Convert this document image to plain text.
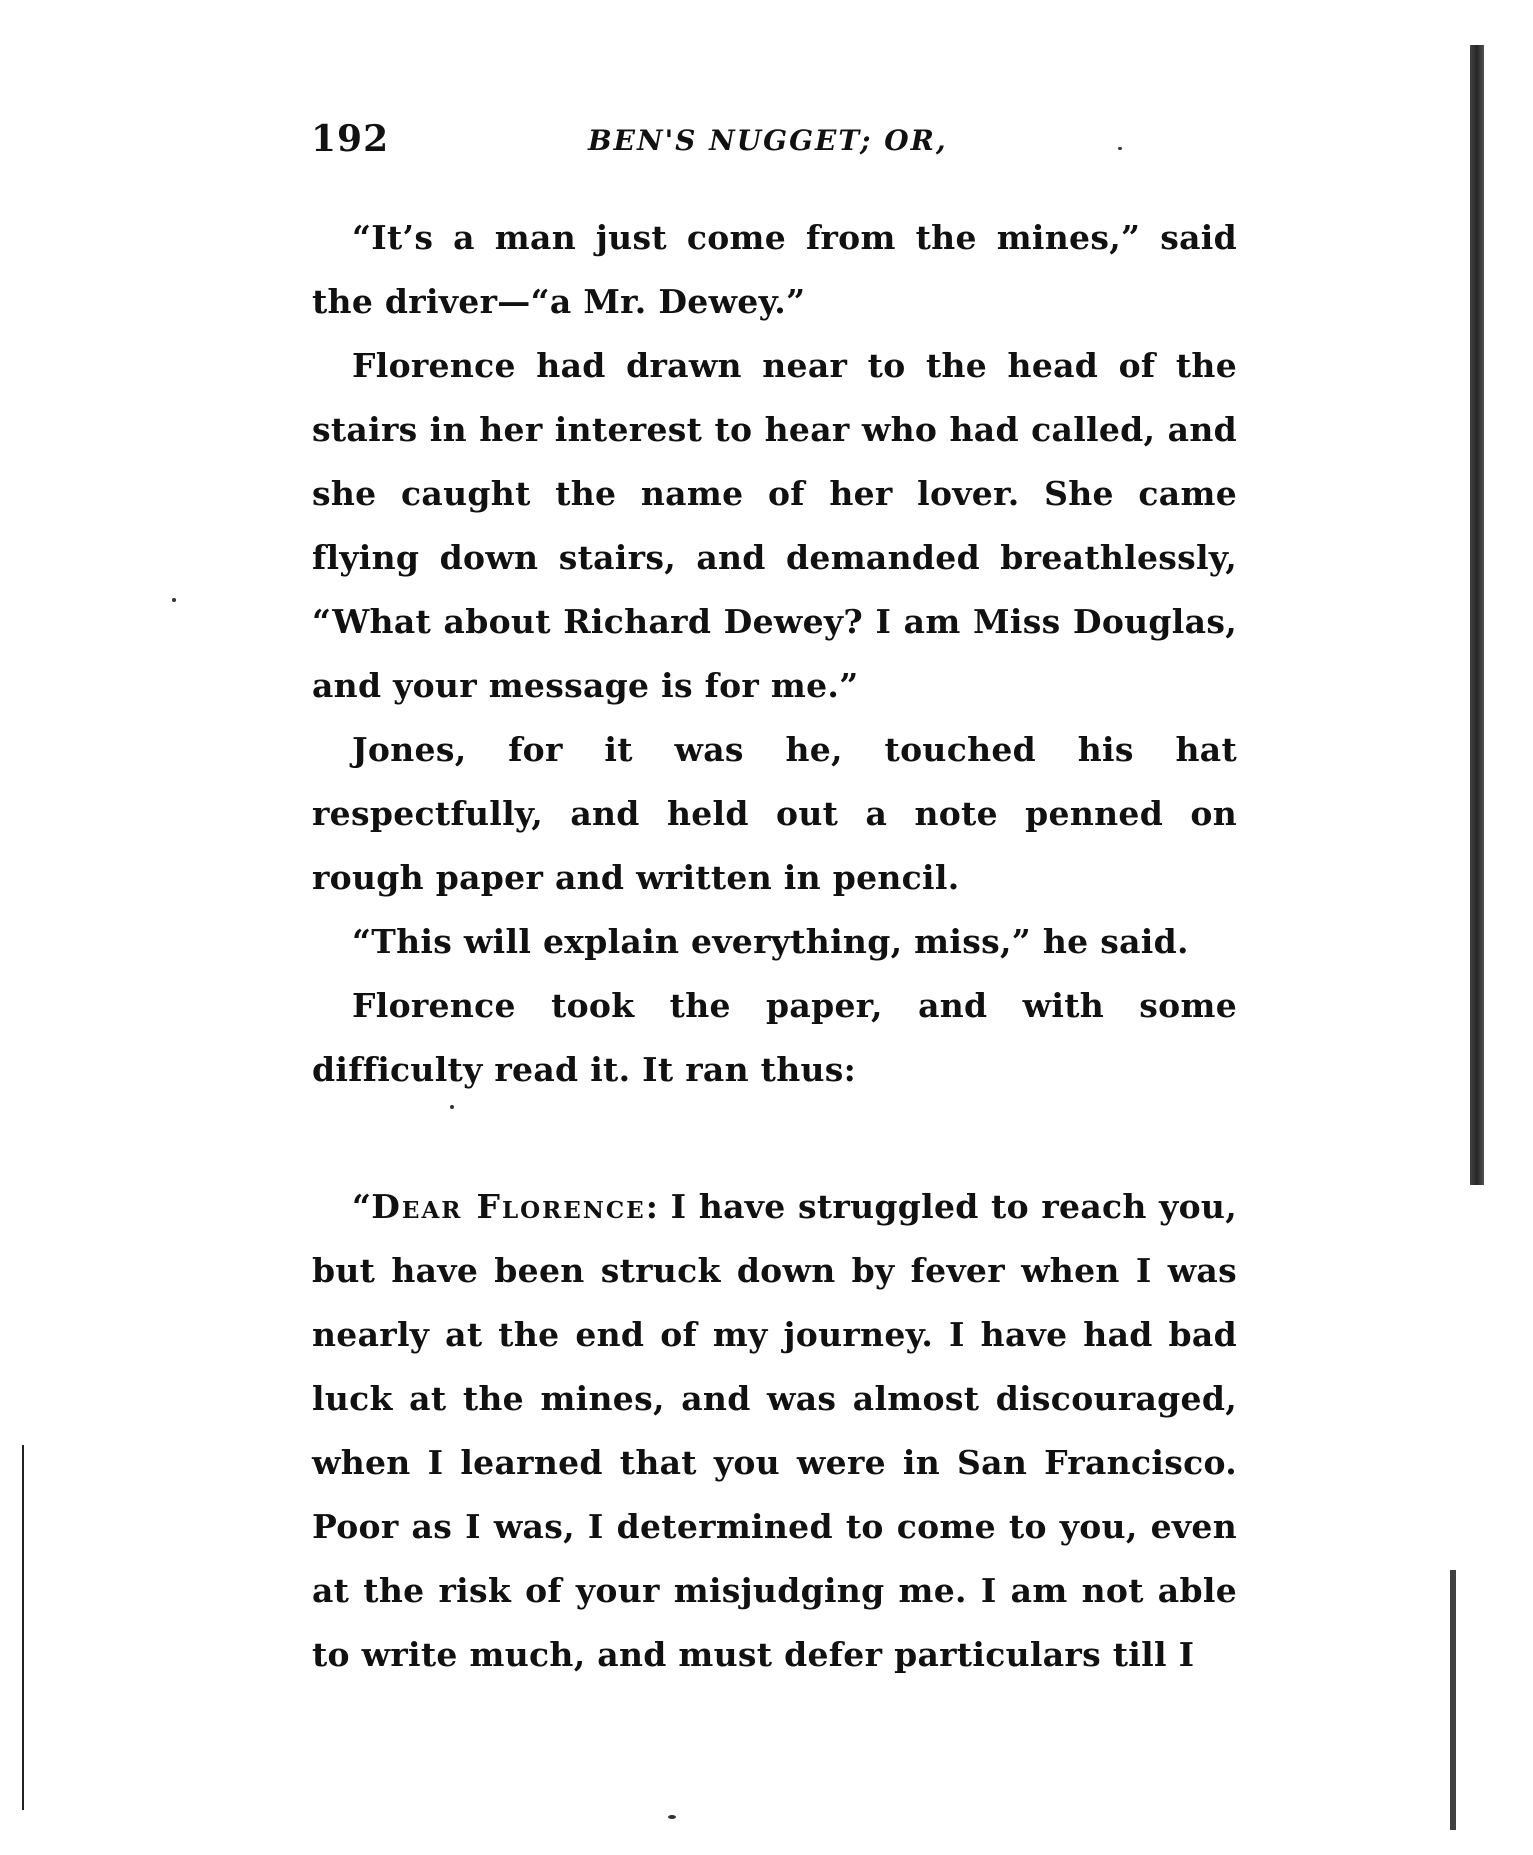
192	BEN'S NUGGET; OR,

“It’s a man just come from the mines,” said the driver—“a Mr. Dewey.”

Florence had drawn near to the head of the stairs in her interest to hear who had called, and she caught the name of her lover. She came flying down stairs, and demanded breathlessly, “What about Richard Dewey? I am Miss Douglas, and your message is for me.”

Jones, for it was he, touched his hat respectfully, and held out a note penned on rough paper and written in pencil.

“This will explain everything, miss,” he said.

Florence took the paper, and with some difficulty read it. It ran thus:

“Dear Florence: I have struggled to reach you, but have been struck down by fever when I was nearly at the end of my journey. I have had bad luck at the mines, and was almost discouraged, when I learned that you were in San Francisco. Poor as I was, I determined to come to you, even at the risk of your misjudging me. I am not able to write much, and must defer particulars till I
